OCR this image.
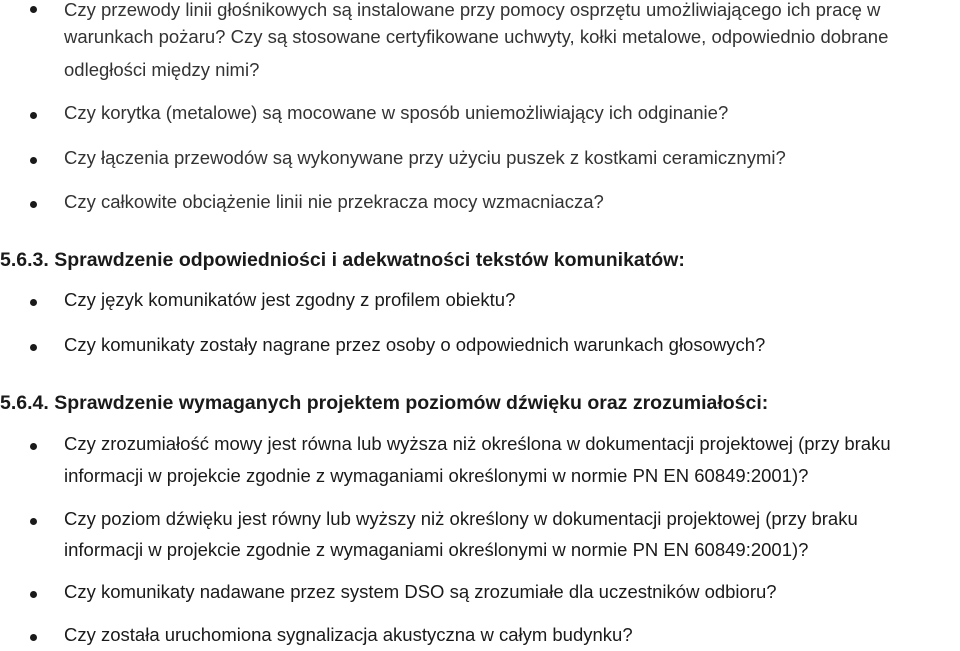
Czy przewody linii głośnikowych są instalowane przy pomocy osprzętu umożliwiającego ich pracę w

warunkach pożaru? Czy są stosowane certyfikowane uchwyty, kołki metalowe, odpowiednio dobrane

odległości między nimi?

Czy korytka (metalowe) są mocowane w sposób uniemożliwiający ich odginanie?

Czy łączenia przewodów są wykonywane przy użyciu puszek z kostkami ceramicznymi?

Czy całkowite obciążenie linii nie przekracza mocy wzmacniacza?

5.6.3. Sprawdzenie odpowiedniości i adekwatności tekstów komunikatów:

Czy język komunikatów jest zgodny z profilem obiektu?

Czy komunikaty zostały nagrane przez osoby o odpowiednich warunkach głosowych?

5.6.4. Sprawdzenie wymaganych projektem poziomów dźwięku oraz zrozumiałości:

Czy zrozumiałość mowy jest równa lub wyższa niż określona w dokumentacji projektowej (przy braku

informacji w projekcie zgodnie z wymaganiami określonymi w normie PN EN 60849:2001)?

Czy poziom dźwięku jest równy lub wyższy niż określony w dokumentacji projektowej (przy braku

informacji w projekcie zgodnie z wymaganiami określonymi w normie PN EN 60849:2001)?

Czy komunikaty nadawane przez system DSO są zrozumiałe dla uczestników odbioru?

Czy została uruchomiona sygnalizacja akustyczna w całym budynku?
